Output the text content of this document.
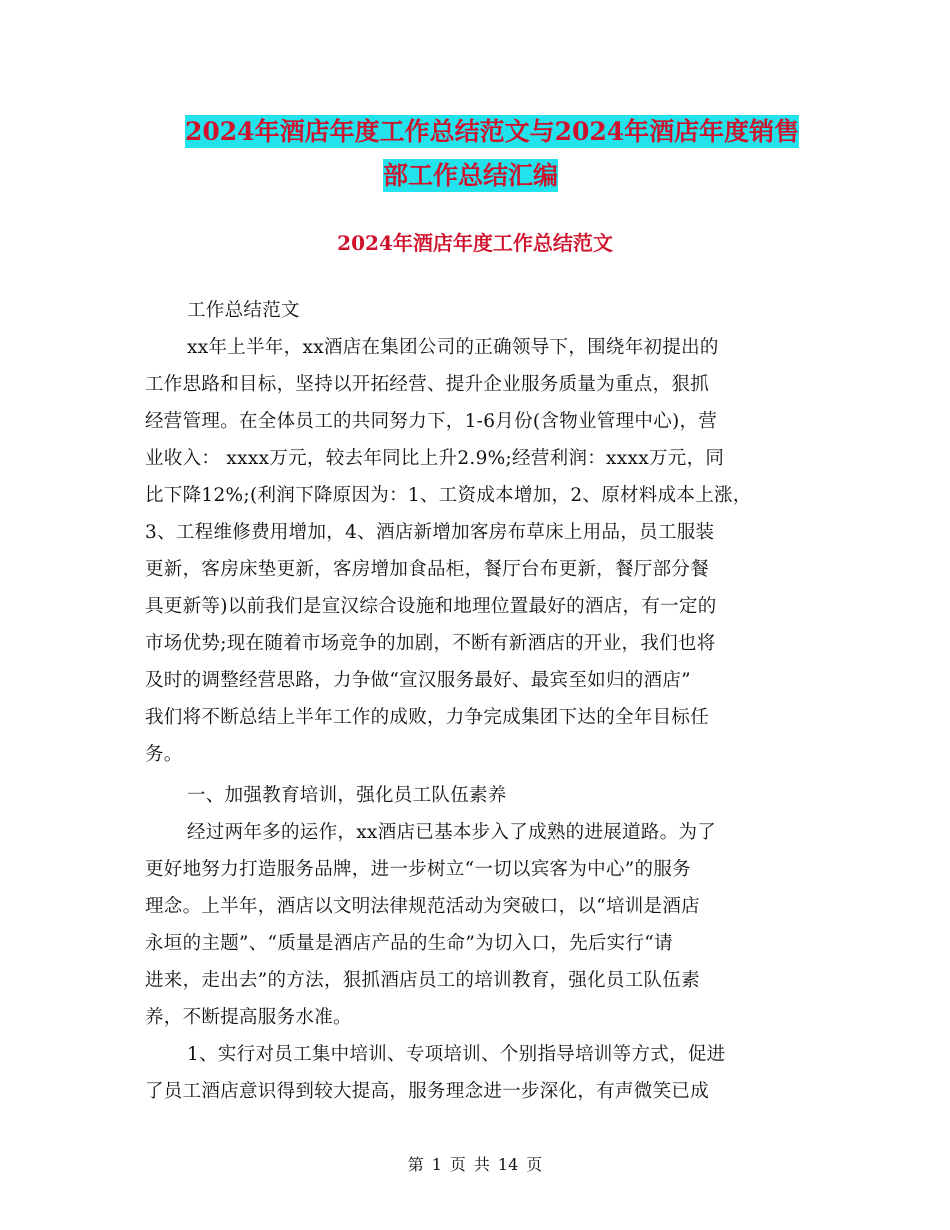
2024年酒店年度工作总结范文与2024年酒店年度销售
部工作总结汇编
2024年酒店年度工作总结范文
工作总结范文
xx年上半年，xx酒店在集团公司的正确领导下，围绕年初提出的
工作思路和目标，坚持以开拓经营、提升企业服务质量为重点，狠抓
经营管理。在全体员工的共同努力下，1-6月份(含物业管理中心)，营
业收入： xxxx万元，较去年同比上升2.9%;经营利润：xxxx万元，同
比下降12%;(利润下降原因为：1、工资成本增加，2、原材料成本上涨，
3、工程维修费用增加，4、酒店新增加客房布草床上用品，员工服装
更新，客房床垫更新，客房增加食品柜，餐厅台布更新，餐厅部分餐
具更新等)以前我们是宣汉综合设施和地理位置最好的酒店，有一定的
市场优势;现在随着市场竞争的加剧，不断有新酒店的开业，我们也将
及时的调整经营思路，力争做“宣汉服务最好、最宾至如归的酒店”
我们将不断总结上半年工作的成败，力争完成集团下达的全年目标任
务。
一、加强教育培训，强化员工队伍素养
经过两年多的运作，xx酒店已基本步入了成熟的进展道路。为了
更好地努力打造服务品牌，进一步树立“一切以宾客为中心”的服务
理念。上半年，酒店以文明法律规范活动为突破口，以“培训是酒店
永垣的主题”、“质量是酒店产品的生命”为切入口，先后实行“请
进来，走出去”的方法，狠抓酒店员工的培训教育，强化员工队伍素
养，不断提高服务水准。
1、实行对员工集中培训、专项培训、个别指导培训等方式，促进
了员工酒店意识得到较大提高，服务理念进一步深化，有声微笑已成
第 1 页 共 14 页
